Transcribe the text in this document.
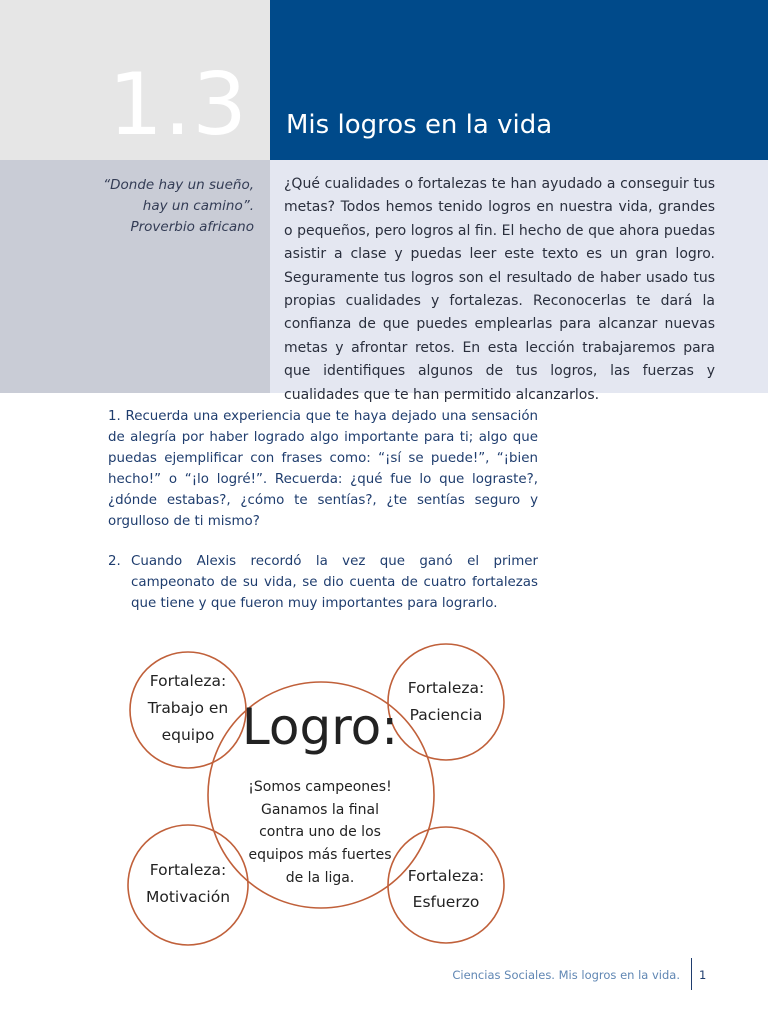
1.3 Mis logros en la vida
“Donde hay un sueño,
hay un camino”.
Proverbio africano

¿Qué cualidades o fortalezas te han ayudado a conseguir tus metas? Todos hemos tenido logros en nuestra vida, grandes o pequeños, pero logros al fin. El hecho de que ahora puedas asistir a clase y puedas leer este texto es un gran logro. Seguramente tus logros son el resultado de haber usado tus propias cualidades y fortalezas. Reconocerlas te dará la confianza de que puedes emplearlas para alcanzar nuevas metas y afrontar retos. En esta lección trabajaremos para que identifiques algunos de tus logros, las fuerzas y cualidades que te han permitido alcanzarlos.

1. Recuerda una experiencia que te haya dejado una sensación de alegría por haber logrado algo importante para ti; algo que puedas ejemplificar con frases como: “¡sí se puede!”, “¡bien hecho!” o “¡lo logré!”. Recuerda: ¿qué fue lo que lograste?, ¿dónde estabas?, ¿cómo te sentías?, ¿te sentías seguro y orgulloso de ti mismo?

2. Cuando Alexis recordó la vez que ganó el primer campeonato de su vida, se dio cuenta de cuatro fortalezas que tiene y que fueron muy importantes para lograrlo.

Logro:
¡Somos campeones!
Ganamos la final
contra uno de los
equipos más fuertes
de la liga.
Fortaleza:
Trabajo en
equipo
Fortaleza:
Paciencia
Fortaleza:
Motivación
Fortaleza:
Esfuerzo
Ciencias Sociales. Mis logros en la vida. 1
